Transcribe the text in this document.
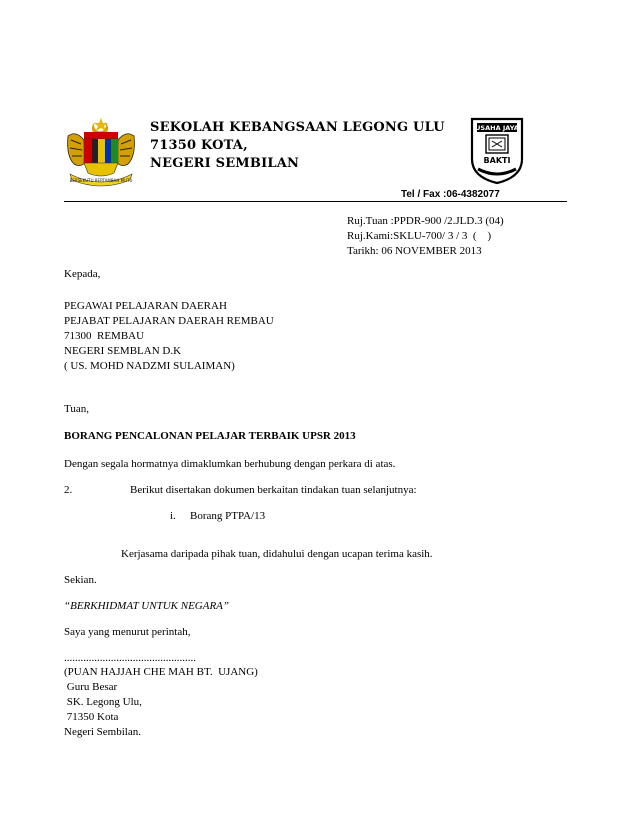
BERSEKUTU BERTAMBAH MUTU
SEKOLAH KEBANGSAAN LEGONG ULU
71350 KOTA,
NEGERI SEMBILAN
USAHA JAYA
BAKTI
Tel / Fax :06-4382077
Ruj.Tuan :PPDR-900 /2.JLD.3 (04)
Ruj.Kami:SKLU-700/ 3 / 3  (    )
Tarikh: 06 NOVEMBER 2013
Kepada,
PEGAWAI PELAJARAN DAERAH
PEJABAT PELAJARAN DAERAH REMBAU
71300  REMBAU
NEGERI SEMBLAN D.K
( US. MOHD NADZMI SULAIMAN)
Tuan,
BORANG PENCALONAN PELAJAR TERBAIK UPSR 2013
Dengan segala hormatnya dimaklumkan berhubung dengan perkara di atas.
2.	Berikut disertakan dokumen berkaitan tindakan tuan selanjutnya:
i. Borang PTPA/13
Kerjasama daripada pihak tuan, didahului dengan ucapan terima kasih.
Sekian.
“BERKHIDMAT UNTUK NEGARA”
Saya yang menurut perintah,
................................................
(PUAN HAJJAH CHE MAH BT.  UJANG)
Guru Besar
SK. Legong Ulu,
71350 Kota
Negeri Sembilan.
